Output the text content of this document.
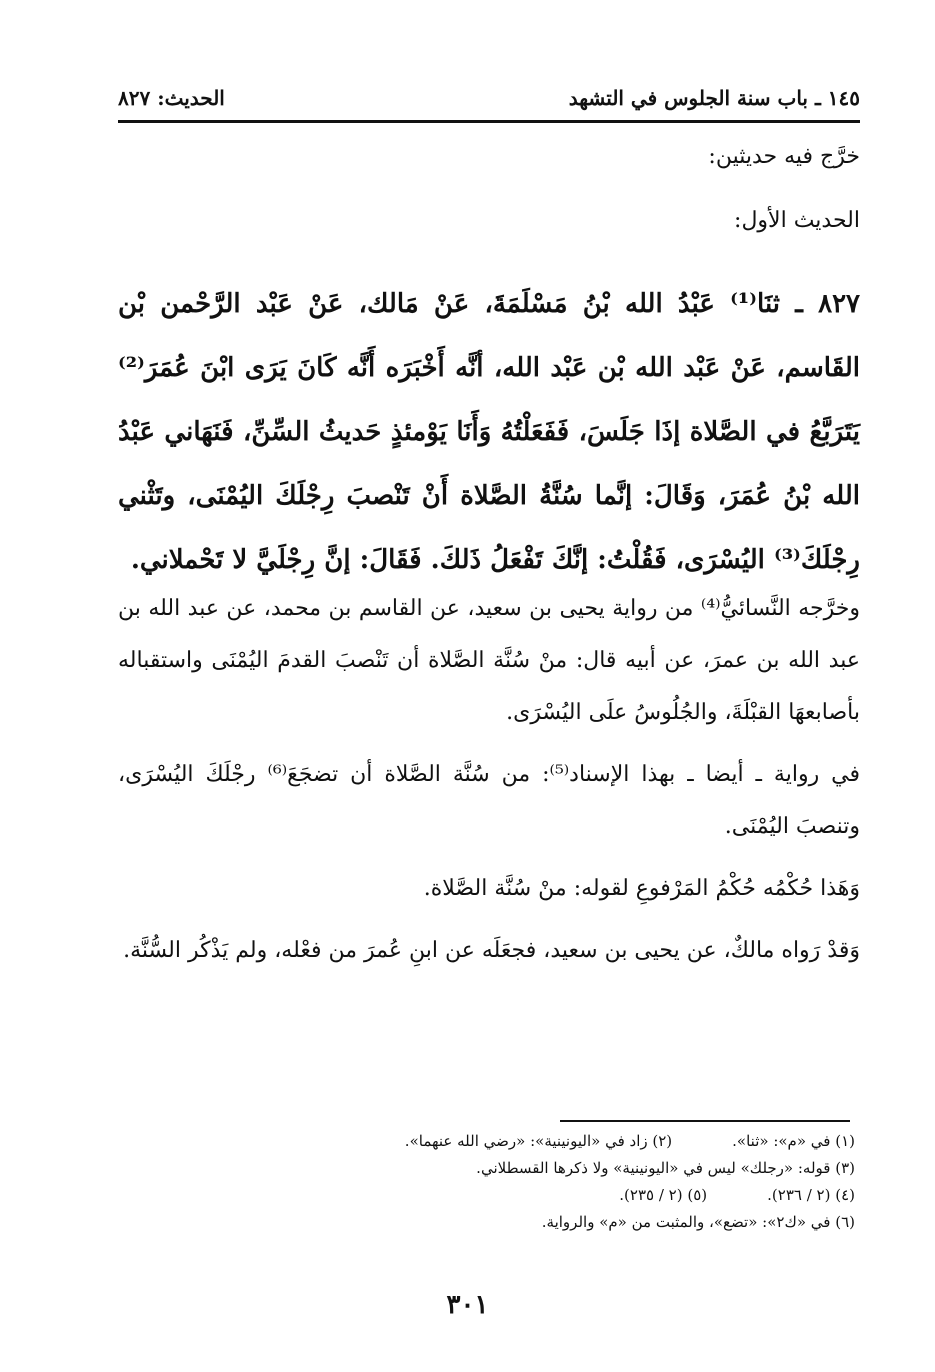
١٤٥ ـ باب سنة الجلوس في التشهد
الحديث: ٨٢٧

خرَّج فيه حديثين:

الحديث الأول:

٨٢٧ ـ ثنَا⁽¹⁾ عَبْدُ الله بْنُ مَسْلَمَةَ، عَنْ مَالك، عَنْ عَبْد الرَّحْمن بْن القَاسم، عَنْ عَبْد الله بْن عَبْد الله، أنَّه أَخْبَرَه أَنَّه كَانَ يَرَى ابْنَ عُمَرَ⁽²⁾ يَتَرَبَّعُ في الصَّلاة إذَا جَلَسَ، فَفَعَلْتُهُ وَأَنَا يَوْمئذٍ حَديثُ السِّنِّ، فَنَهَاني عَبْدُ الله بْنُ عُمَرَ، وَقَالَ: إنَّما سُنَّةُ الصَّلاة أَنْ تَنْصبَ رِجْلَكَ اليُمْنَى، وتَثْني رِجْلَكَ⁽³⁾ اليُسْرَى، فَقُلْتُ: إنَّكَ تَفْعَلُ ذَلكَ. فَقَالَ: إنَّ رِجْلَيَّ لا تَحْملاني.

وخرَّجه النَّسائيُّ⁽⁴⁾ من رواية يحيى بن سعيد، عن القاسم بن محمد، عن عبد الله بن عبد الله بن عمرَ، عن أبيه قال: منْ سُنَّة الصَّلاة أن تَنْصبَ القدمَ اليُمْنَى واستقباله بأصابعهَا القبْلَةَ، والجُلُوسُ علَى اليُسْرَى.

في رواية ـ أيضا ـ بهذا الإسناد⁽⁵⁾: من سُنَّة الصَّلاة أن تضجَعَ⁽⁶⁾ رجْلَكَ اليُسْرَى، وتنصبَ اليُمْنَى.

وَهَذا حُكْمُه حُكْمُ المَرْفوعِ لقوله: منْ سُنَّة الصَّلاة.

وَقدْ رَواه مالكٌ، عن يحيى بن سعيد، فجعَلَه عن ابنِ عُمرَ من فعْله، ولم يَذْكُر السُّنَّة.

(١) في «م»: «ثنا».
(٢) زاد في «اليونينية»: «رضي الله عنهما».
(٣) قوله: «رجلك» ليس في «اليونينية» ولا ذكرها القسطلاني.
(٤) (٢ / ٢٣٦).
(٥) (٢ / ٢٣٥).
(٦) في «ك٢»: «تضع»، والمثبت من «م» والرواية.
٣٠١
